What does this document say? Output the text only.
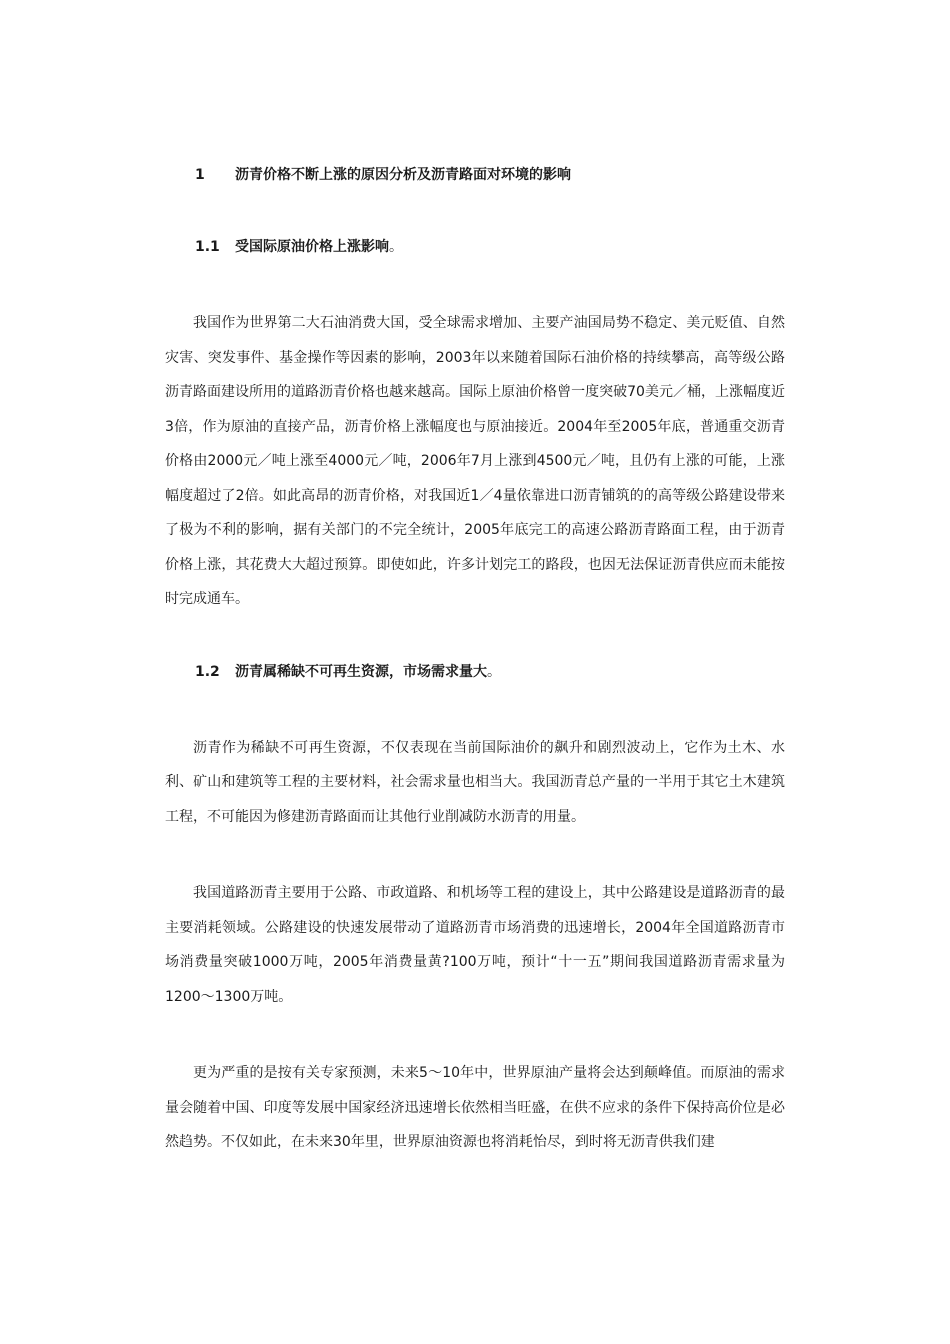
1 沥青价格不断上涨的原因分析及沥青路面对环境的影响

1.1 受国际原油价格上涨影响。

我国作为世界第二大石油消费大国，受全球需求增加、主要产油国局势不稳定、美元贬值、自然灾害、突发事件、基金操作等因素的影响，2003年以来随着国际石油价格的持续攀高，高等级公路沥青路面建设所用的道路沥青价格也越来越高。国际上原油价格曾一度突破70美元／桶，上涨幅度近3倍，作为原油的直接产品，沥青价格上涨幅度也与原油接近。2004年至2005年底，普通重交沥青价格由2000元／吨上涨至4000元／吨，2006年7月上涨到4500元／吨，且仍有上涨的可能，上涨幅度超过了2倍。如此高昂的沥青价格，对我国近1／4量依靠进口沥青铺筑的的高等级公路建设带来了极为不利的影响，据有关部门的不完全统计，2005年底完工的高速公路沥青路面工程，由于沥青价格上涨，其花费大大超过预算。即使如此，许多计划完工的路段，也因无法保证沥青供应而未能按时完成通车。

1.2 沥青属稀缺不可再生资源，市场需求量大。

沥青作为稀缺不可再生资源，不仅表现在当前国际油价的飙升和剧烈波动上，它作为土木、水利、矿山和建筑等工程的主要材料，社会需求量也相当大。我国沥青总产量的一半用于其它土木建筑工程，不可能因为修建沥青路面而让其他行业削减防水沥青的用量。

我国道路沥青主要用于公路、市政道路、和机场等工程的建设上，其中公路建设是道路沥青的最主要消耗领域。公路建设的快速发展带动了道路沥青市场消费的迅速增长，2004年全国道路沥青市场消费量突破1000万吨，2005年消费量黄?100万吨，预计“十一五”期间我国道路沥青需求量为1200～1300万吨。

更为严重的是按有关专家预测，未来5～10年中，世界原油产量将会达到颠峰值。而原油的需求量会随着中国、印度等发展中国家经济迅速增长依然相当旺盛，在供不应求的条件下保持高价位是必然趋势。不仅如此，在未来30年里，世界原油资源也将消耗怡尽，到时将无沥青供我们建
